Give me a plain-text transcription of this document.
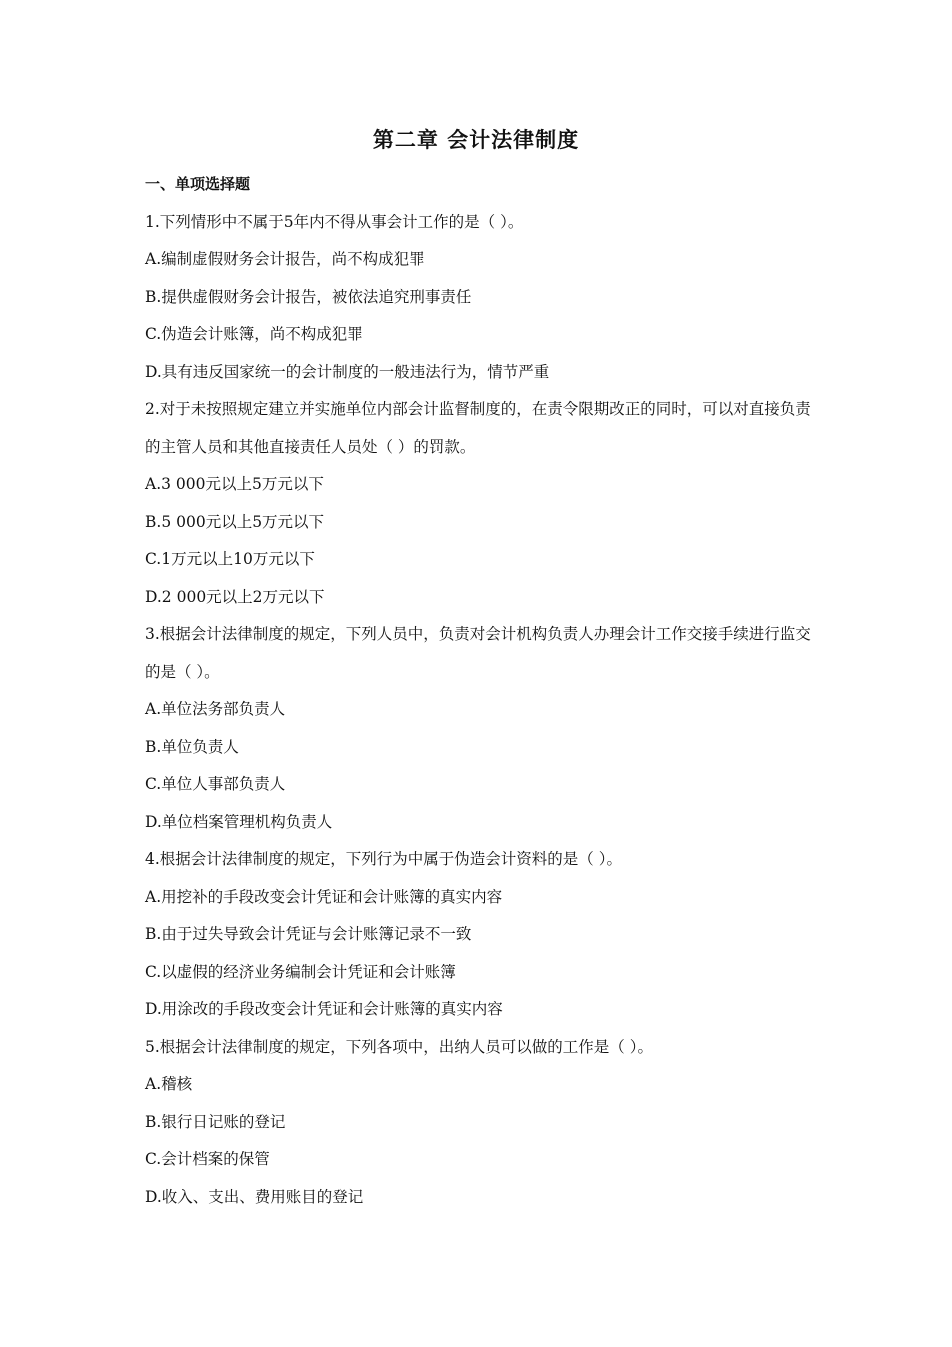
第二章 会计法律制度
一、单项选择题
1.下列情形中不属于5年内不得从事会计工作的是（ ）。
A.编制虚假财务会计报告，尚不构成犯罪
B.提供虚假财务会计报告，被依法追究刑事责任
C.伪造会计账簿，尚不构成犯罪
D.具有违反国家统一的会计制度的一般违法行为，情节严重
2.对于未按照规定建立并实施单位内部会计监督制度的，在责令限期改正的同时，可以对直接负责的主管人员和其他直接责任人员处（ ）的罚款。
A.3 000元以上5万元以下
B.5 000元以上5万元以下
C.1万元以上10万元以下
D.2 000元以上2万元以下
3.根据会计法律制度的规定，下列人员中，负责对会计机构负责人办理会计工作交接手续进行监交的是（ ）。
A.单位法务部负责人
B.单位负责人
C.单位人事部负责人
D.单位档案管理机构负责人
4.根据会计法律制度的规定，下列行为中属于伪造会计资料的是（ ）。
A.用挖补的手段改变会计凭证和会计账簿的真实内容
B.由于过失导致会计凭证与会计账簿记录不一致
C.以虚假的经济业务编制会计凭证和会计账簿
D.用涂改的手段改变会计凭证和会计账簿的真实内容
5.根据会计法律制度的规定，下列各项中，出纳人员可以做的工作是（ ）。
A.稽核
B.银行日记账的登记
C.会计档案的保管
D.收入、支出、费用账目的登记
